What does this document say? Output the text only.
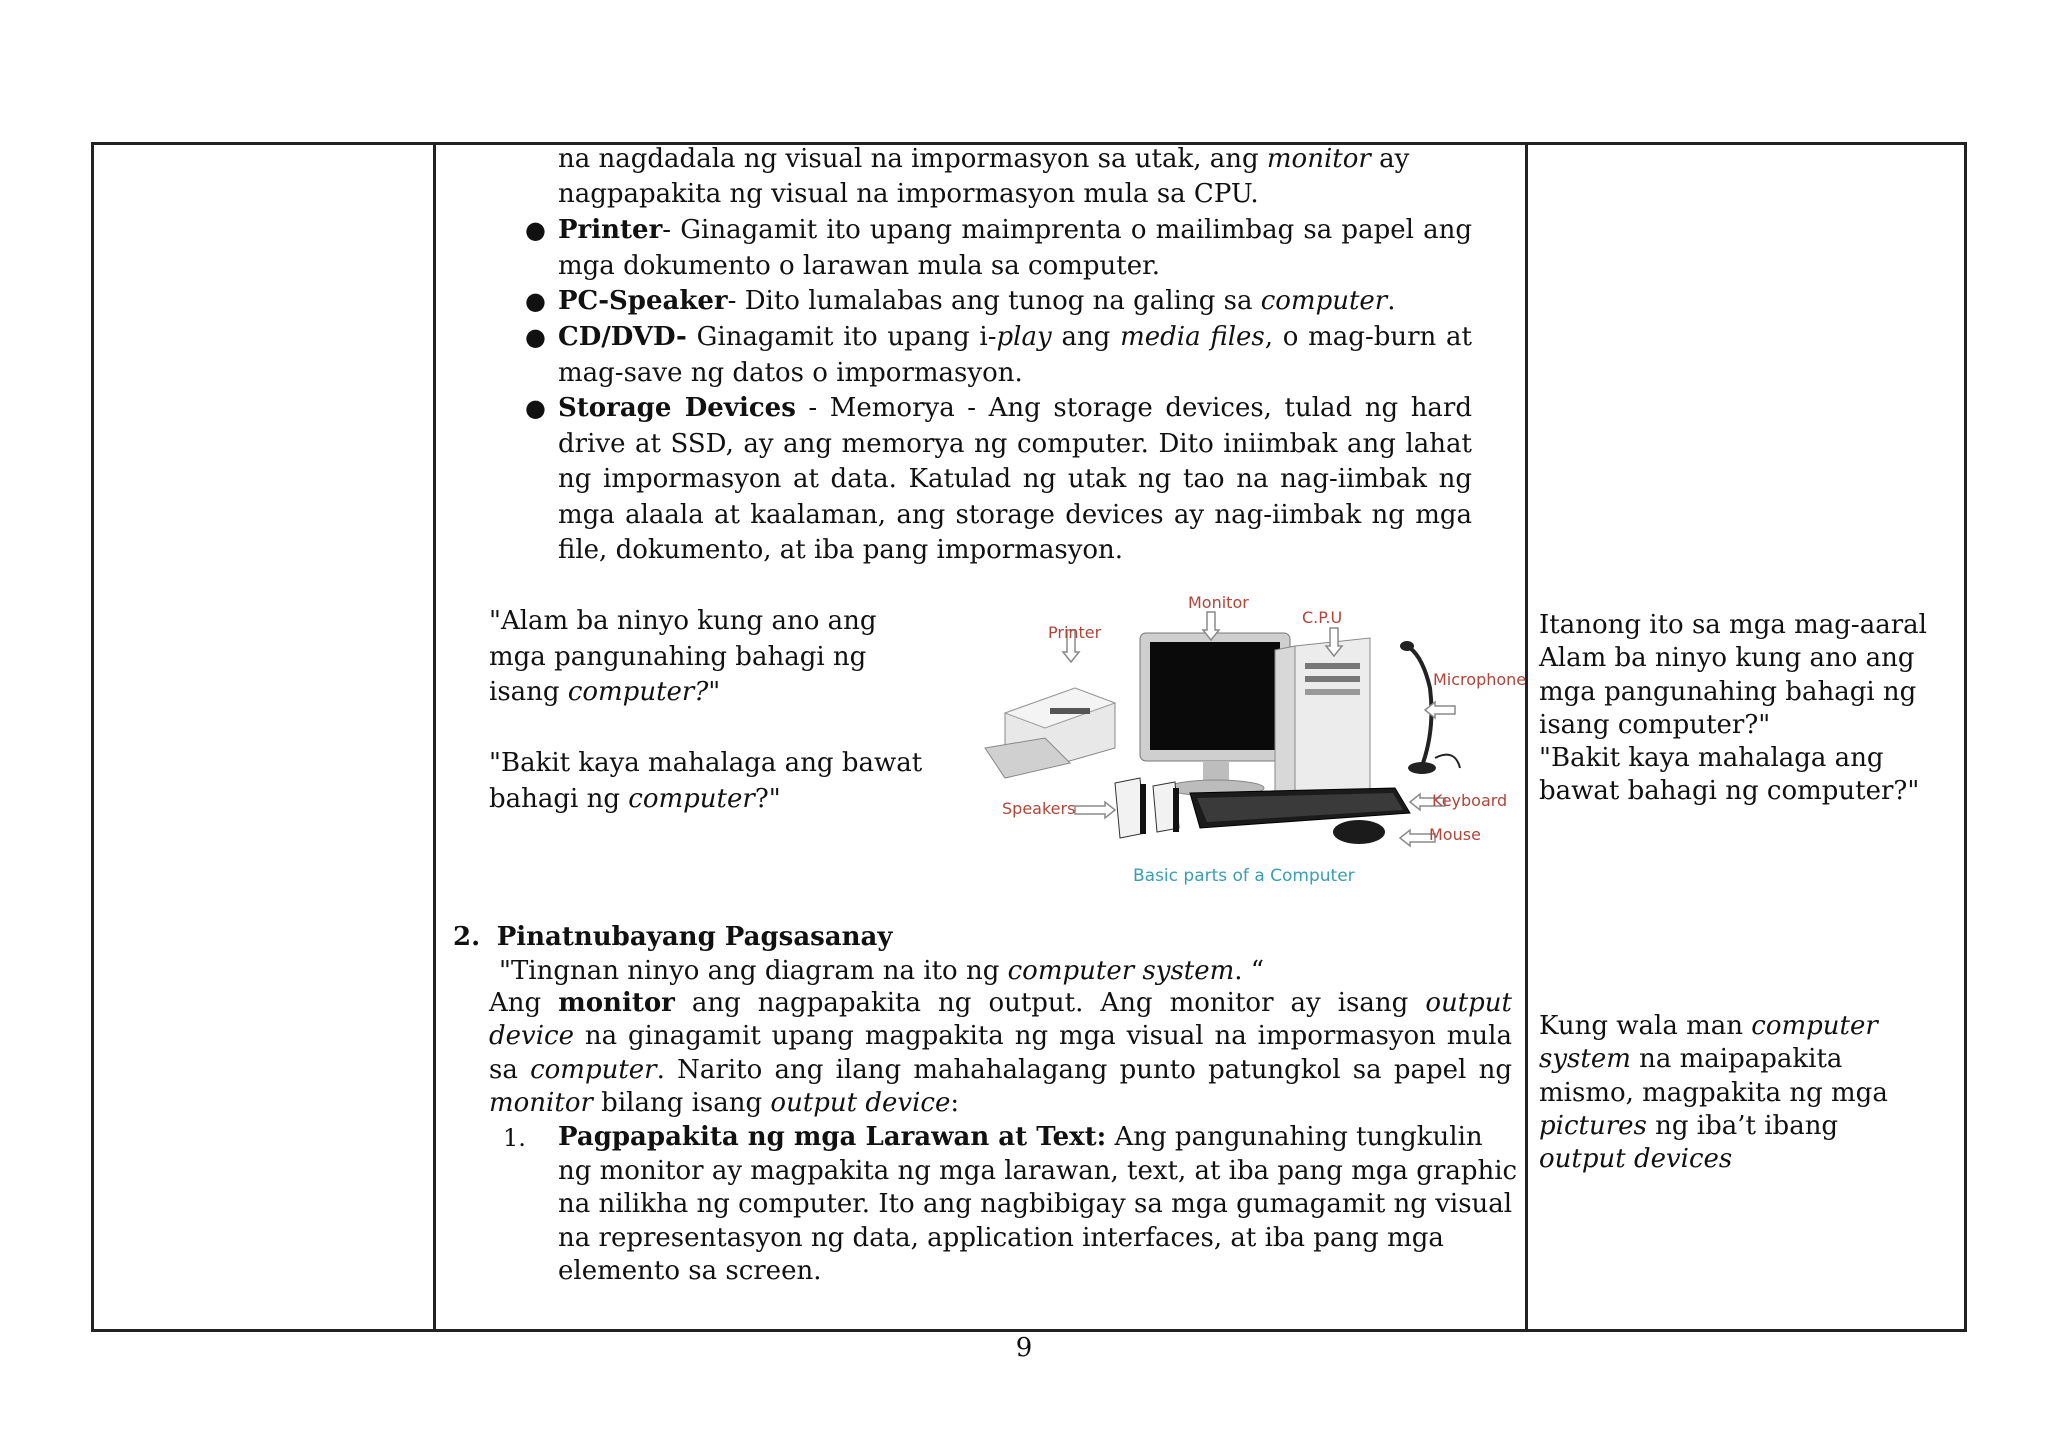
na nagdadala ng visual na impormasyon sa utak, ang monitor ay

nagpapakita ng visual na impormasyon mula sa CPU.

● Printer- Ginagamit ito upang maimprenta o mailimbag sa papel ang mga dokumento o larawan mula sa computer.

● PC-Speaker- Dito lumalabas ang tunog na galing sa computer.

● CD/DVD- Ginagamit ito upang i-play ang media files, o mag-burn at mag-save ng datos o impormasyon.

● Storage Devices - Memorya - Ang storage devices, tulad ng hard drive at SSD, ay ang memorya ng computer. Dito iniimbak ang lahat ng impormasyon at data. Katulad ng utak ng tao na nag-iimbak ng mga alaala at kaalaman, ang storage devices ay nag-iimbak ng mga file, dokumento, at iba pang impormasyon.

"Alam ba ninyo kung ano ang mga pangunahing bahagi ng isang computer?"

"Bakit kaya mahalaga ang bawat bahagi ng computer?"

Monitor
C.P.U
Printer
Microphone
Speakers	Keyboard
Mouse
Basic parts of a Computer

2. Pinatnubayang Pagsasanay

"Tingnan ninyo ang diagram na ito ng computer system. “

Ang monitor ang nagpapakita ng output. Ang monitor ay isang output device na ginagamit upang magpakita ng mga visual na impormasyon mula sa computer. Narito ang ilang mahahalagang punto patungkol sa papel ng monitor bilang isang output device:

1. Pagpapakita ng mga Larawan at Text: Ang pangunahing tungkulin ng monitor ay magpakita ng mga larawan, text, at iba pang mga graphic na nilikha ng computer. Ito ang nagbibigay sa mga gumagamit ng visual na representasyon ng data, application interfaces, at iba pang mga elemento sa screen.

Itanong ito sa mga mag-aaral
Alam ba ninyo kung ano ang
mga pangunahing bahagi ng
isang computer?"
"Bakit kaya mahalaga ang
bawat bahagi ng computer?"
Kung wala man computer system na maipapakita mismo, magpakita ng mga pictures ng iba’t ibang output devices
9
